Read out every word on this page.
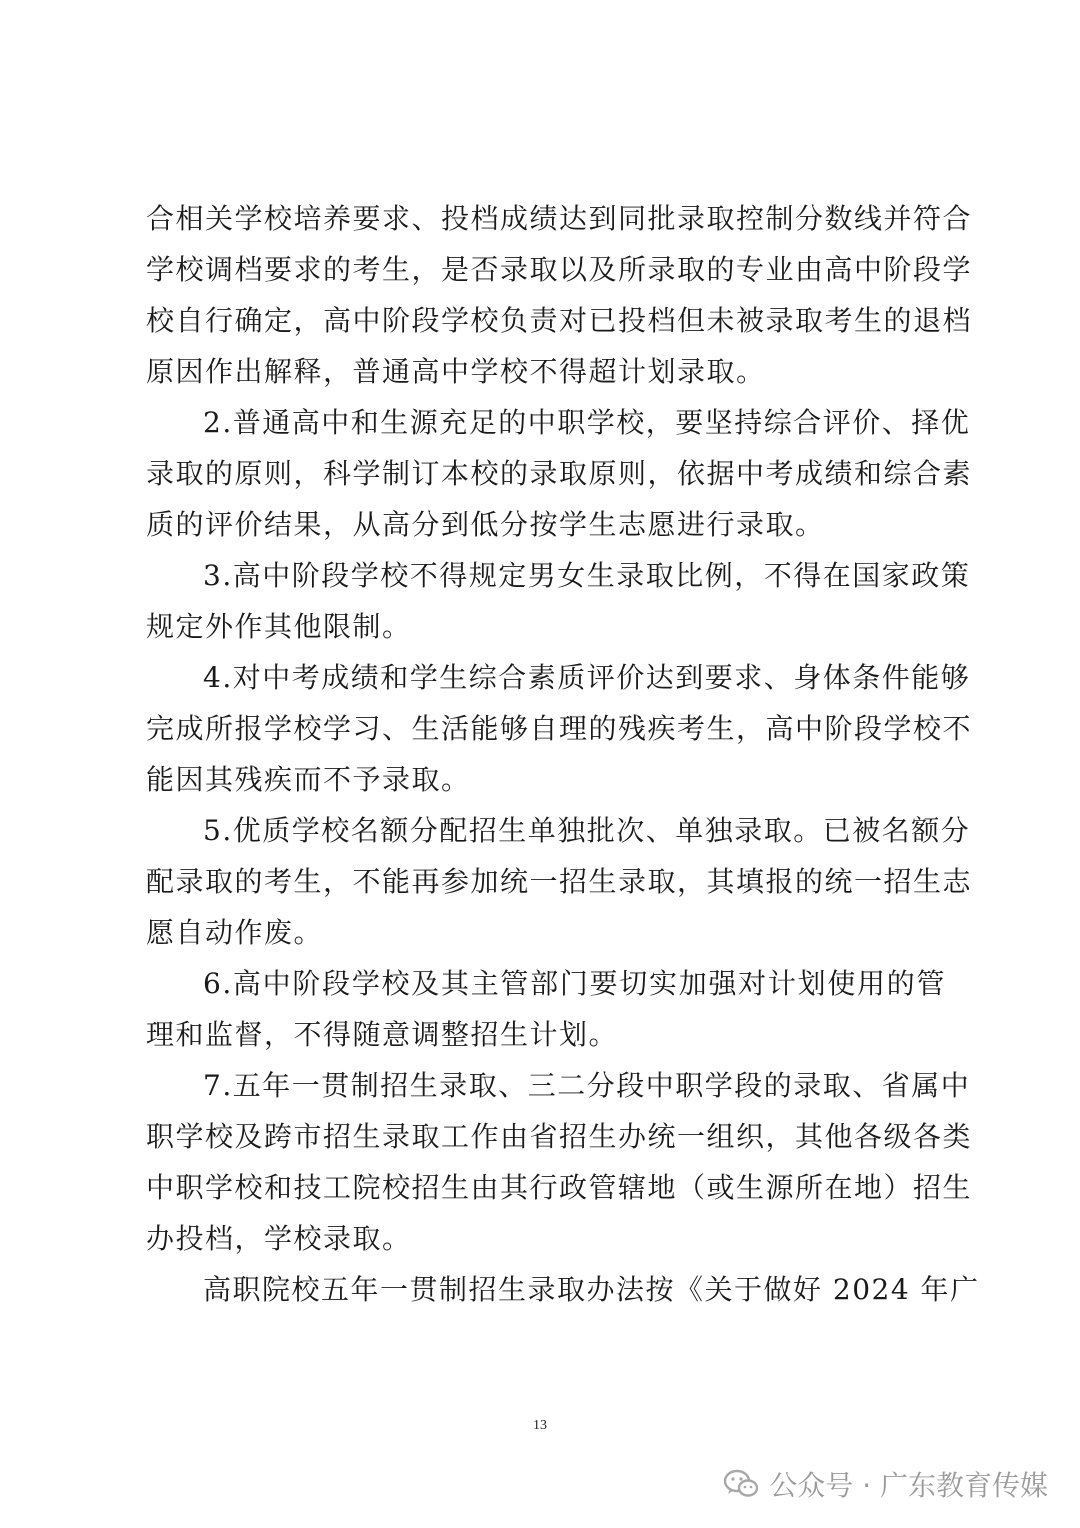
合相关学校培养要求、投档成绩达到同批录取控制分数线并符合
学校调档要求的考生，是否录取以及所录取的专业由高中阶段学
校自行确定，高中阶段学校负责对已投档但未被录取考生的退档
原因作出解释，普通高中学校不得超计划录取。
2.普通高中和生源充足的中职学校，要坚持综合评价、择优
录取的原则，科学制订本校的录取原则，依据中考成绩和综合素
质的评价结果，从高分到低分按学生志愿进行录取。
3.高中阶段学校不得规定男女生录取比例，不得在国家政策
规定外作其他限制。
4.对中考成绩和学生综合素质评价达到要求、身体条件能够
完成所报学校学习、生活能够自理的残疾考生，高中阶段学校不
能因其残疾而不予录取。
5.优质学校名额分配招生单独批次、单独录取。已被名额分
配录取的考生，不能再参加统一招生录取，其填报的统一招生志
愿自动作废。
6.高中阶段学校及其主管部门要切实加强对计划使用的管
理和监督，不得随意调整招生计划。
7.五年一贯制招生录取、三二分段中职学段的录取、省属中
职学校及跨市招生录取工作由省招生办统一组织，其他各级各类
中职学校和技工院校招生由其行政管辖地（或生源所在地）招生
办投档，学校录取。
高职院校五年一贯制招生录取办法按《关于做好 2024 年广
13
公众号 · 广东教育传媒
